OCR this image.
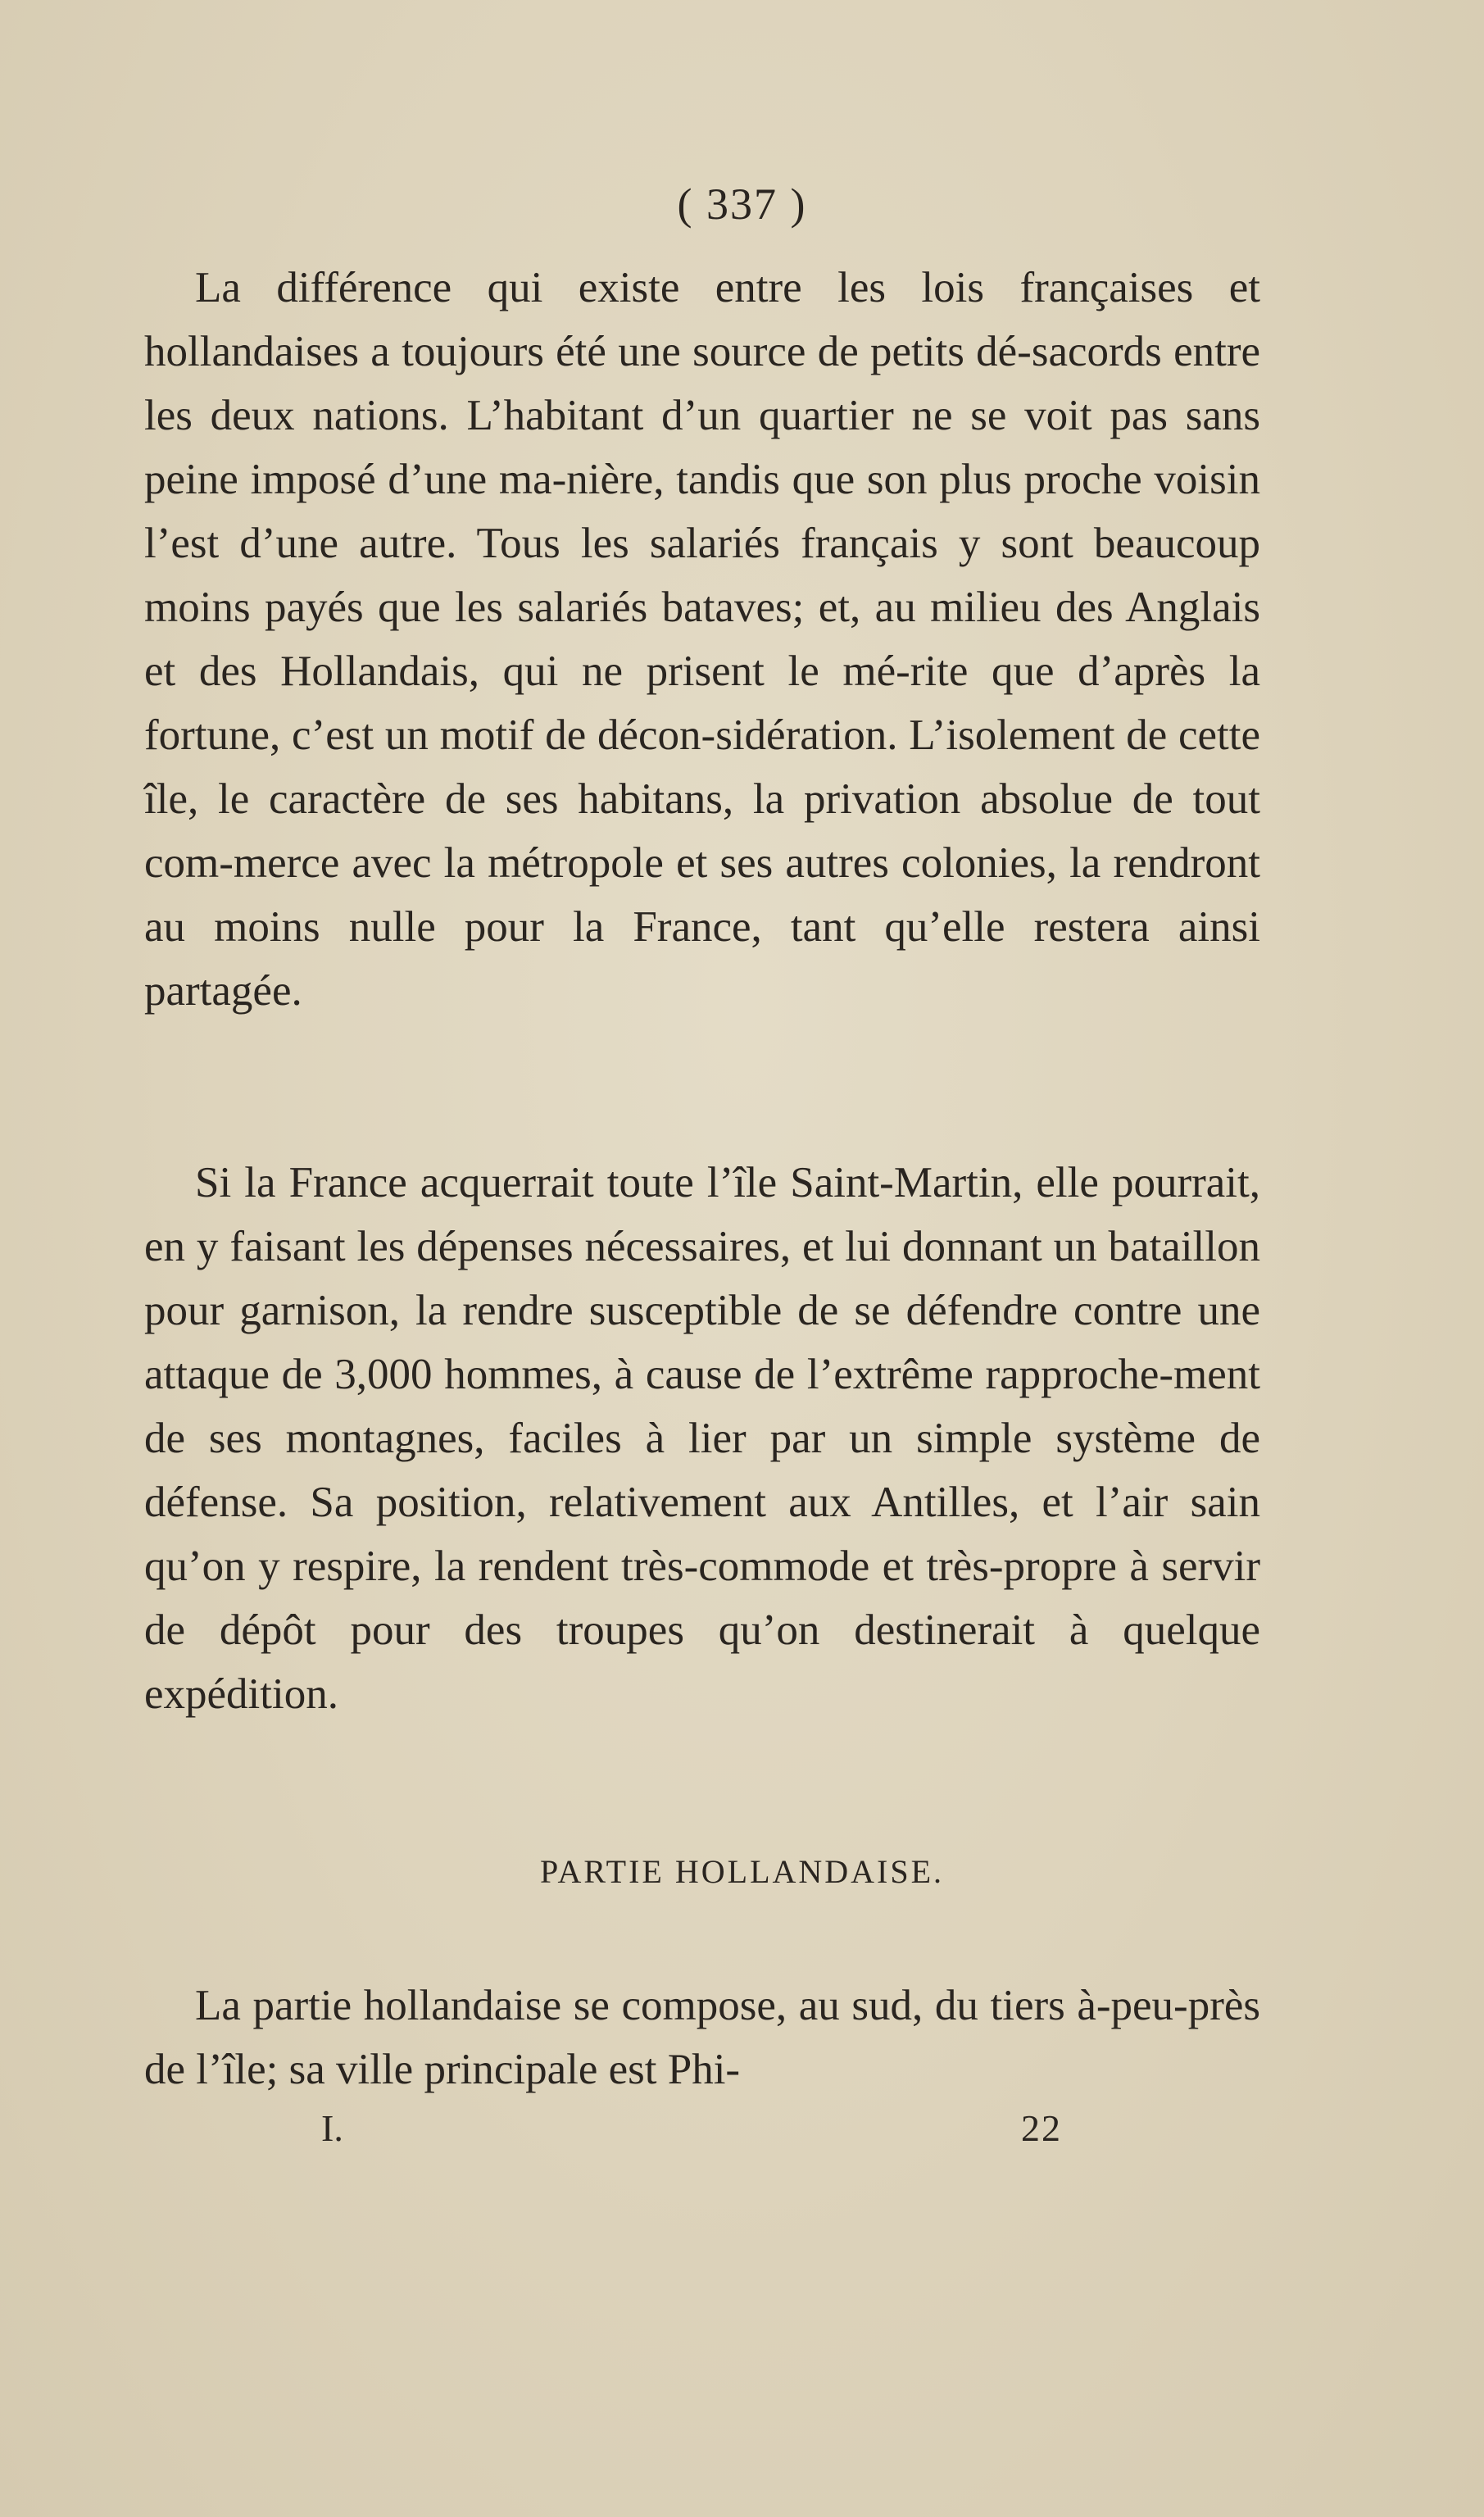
( 337 )

La différence qui existe entre les lois françaises et hollandaises a toujours été une source de petits dé-sacords entre les deux nations. L’habitant d’un quartier ne se voit pas sans peine imposé d’une ma-nière, tandis que son plus proche voisin l’est d’une autre. Tous les salariés français y sont beaucoup moins payés que les salariés bataves; et, au milieu des Anglais et des Hollandais, qui ne prisent le mé-rite que d’après la fortune, c’est un motif de décon-sidération. L’isolement de cette île, le caractère de ses habitans, la privation absolue de tout com-merce avec la métropole et ses autres colonies, la rendront au moins nulle pour la France, tant qu’elle restera ainsi partagée.

Si la France acquerrait toute l’île Saint-Martin, elle pourrait, en y faisant les dépenses nécessaires, et lui donnant un bataillon pour garnison, la rendre susceptible de se défendre contre une attaque de 3,000 hommes, à cause de l’extrême rapproche-ment de ses montagnes, faciles à lier par un simple système de défense. Sa position, relativement aux Antilles, et l’air sain qu’on y respire, la rendent très-commode et très-propre à servir de dépôt pour des troupes qu’on destinerait à quelque expédition.

PARTIE HOLLANDAISE.

La partie hollandaise se compose, au sud, du tiers à-peu-près de l’île; sa ville principale est Phi-

I.	22
